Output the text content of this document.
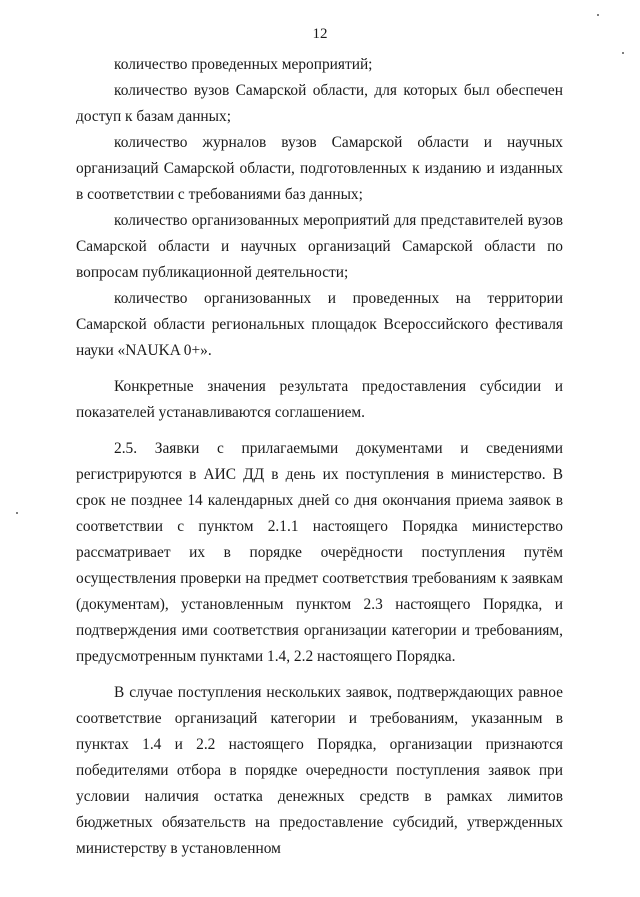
12

количество проведенных мероприятий;

количество вузов Самарской области, для которых был обеспечен доступ к базам данных;

количество журналов вузов Самарской области и научных организаций Самарской области, подготовленных к изданию и изданных в соответствии с требованиями баз данных;

количество организованных мероприятий для представителей вузов Самарской области и научных организаций Самарской области по вопросам публикационной деятельности;

количество организованных и проведенных на территории Самарской области региональных площадок Всероссийского фестиваля науки «NAUKA 0+».

Конкретные значения результата предоставления субсидии и показателей устанавливаются соглашением.

2.5. Заявки с прилагаемыми документами и сведениями регистрируются в АИС ДД в день их поступления в министерство. В срок не позднее 14 календарных дней со дня окончания приема заявок в соответствии с пунктом 2.1.1 настоящего Порядка министерство рассматривает их в порядке очерёдности поступления путём осуществления проверки на предмет соответствия требованиям к заявкам (документам), установленным пунктом 2.3 настоящего Порядка, и подтверждения ими соответствия организации категории и требованиям, предусмотренным пунктами 1.4, 2.2 настоящего Порядка.

В случае поступления нескольких заявок, подтверждающих равное соответствие организаций категории и требованиям, указанным в пунктах 1.4 и 2.2 настоящего Порядка, организации признаются победителями отбора в порядке очередности поступления заявок при условии наличия остатка денежных средств в рамках лимитов бюджетных обязательств на предоставление субсидий, утвержденных министерству в установленном
